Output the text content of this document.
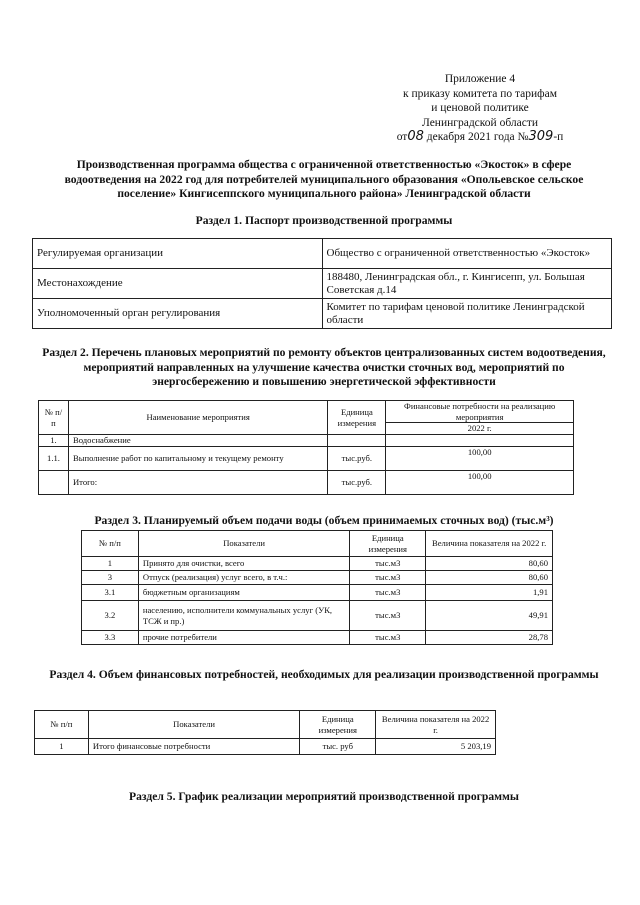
Приложение 4
к приказу комитета по тарифам
и ценовой политике
Ленинградской области
от08 декабря 2021 года №309-п
Производственная программа общества с ограниченной ответственностью «Экосток» в сфере водоотведения на 2022 год для потребителей муниципального образования «Опольевское сельское поселение» Кингисеппского муниципального района» Ленинградской области
Раздел 1. Паспорт производственной программы
Регулируемая организации	Общество с ограниченной ответственностью «Экосток»
Местонахождение	188480, Ленинградская обл., г. Кингисепп, ул. Большая Советская д.14
Уполномоченный орган регулирования	Комитет по тарифам ценовой политике Ленинградской области
Раздел 2. Перечень плановых мероприятий по ремонту объектов централизованных систем водоотведения, мероприятий направленных на улучшение качества очистки сточных вод, мероприятий по энергосбережению и повышению энергетической эффективности
№ п/п	Наименование мероприятия	Единица измерения	Финансовые потребности на реализацию мероприятия
			2022 г.
1.	Водоснабжение		
1.1.	Выполнение работ по капитальному и текущему ремонту	тыс.руб.	100,00
	Итого:	тыс.руб.	100,00
Раздел 3. Планируемый объем подачи воды (объем принимаемых сточных вод) (тыс.м³)
№ п/п	Показатели	Единица измерения	Величина показателя на 2022 г.
1	Принято для очистки, всего	тыс.м3	80,60
3	Отпуск (реализация) услуг всего, в т.ч.:	тыс.м3	80,60
3.1	бюджетным организациям	тыс.м3	1,91
3.2	населению, исполнители коммунальных услуг (УК, ТСЖ и пр.)	тыс.м3	49,91
3.3	прочие потребители	тыс.м3	28,78
Раздел 4. Объем финансовых потребностей, необходимых для реализации производственной программы
№ п/п	Показатели	Единица измерения	Величина показателя на 2022 г.
1	Итого финансовые потребности	тыс. руб	5 203,19
Раздел 5. График реализации мероприятий производственной программы
